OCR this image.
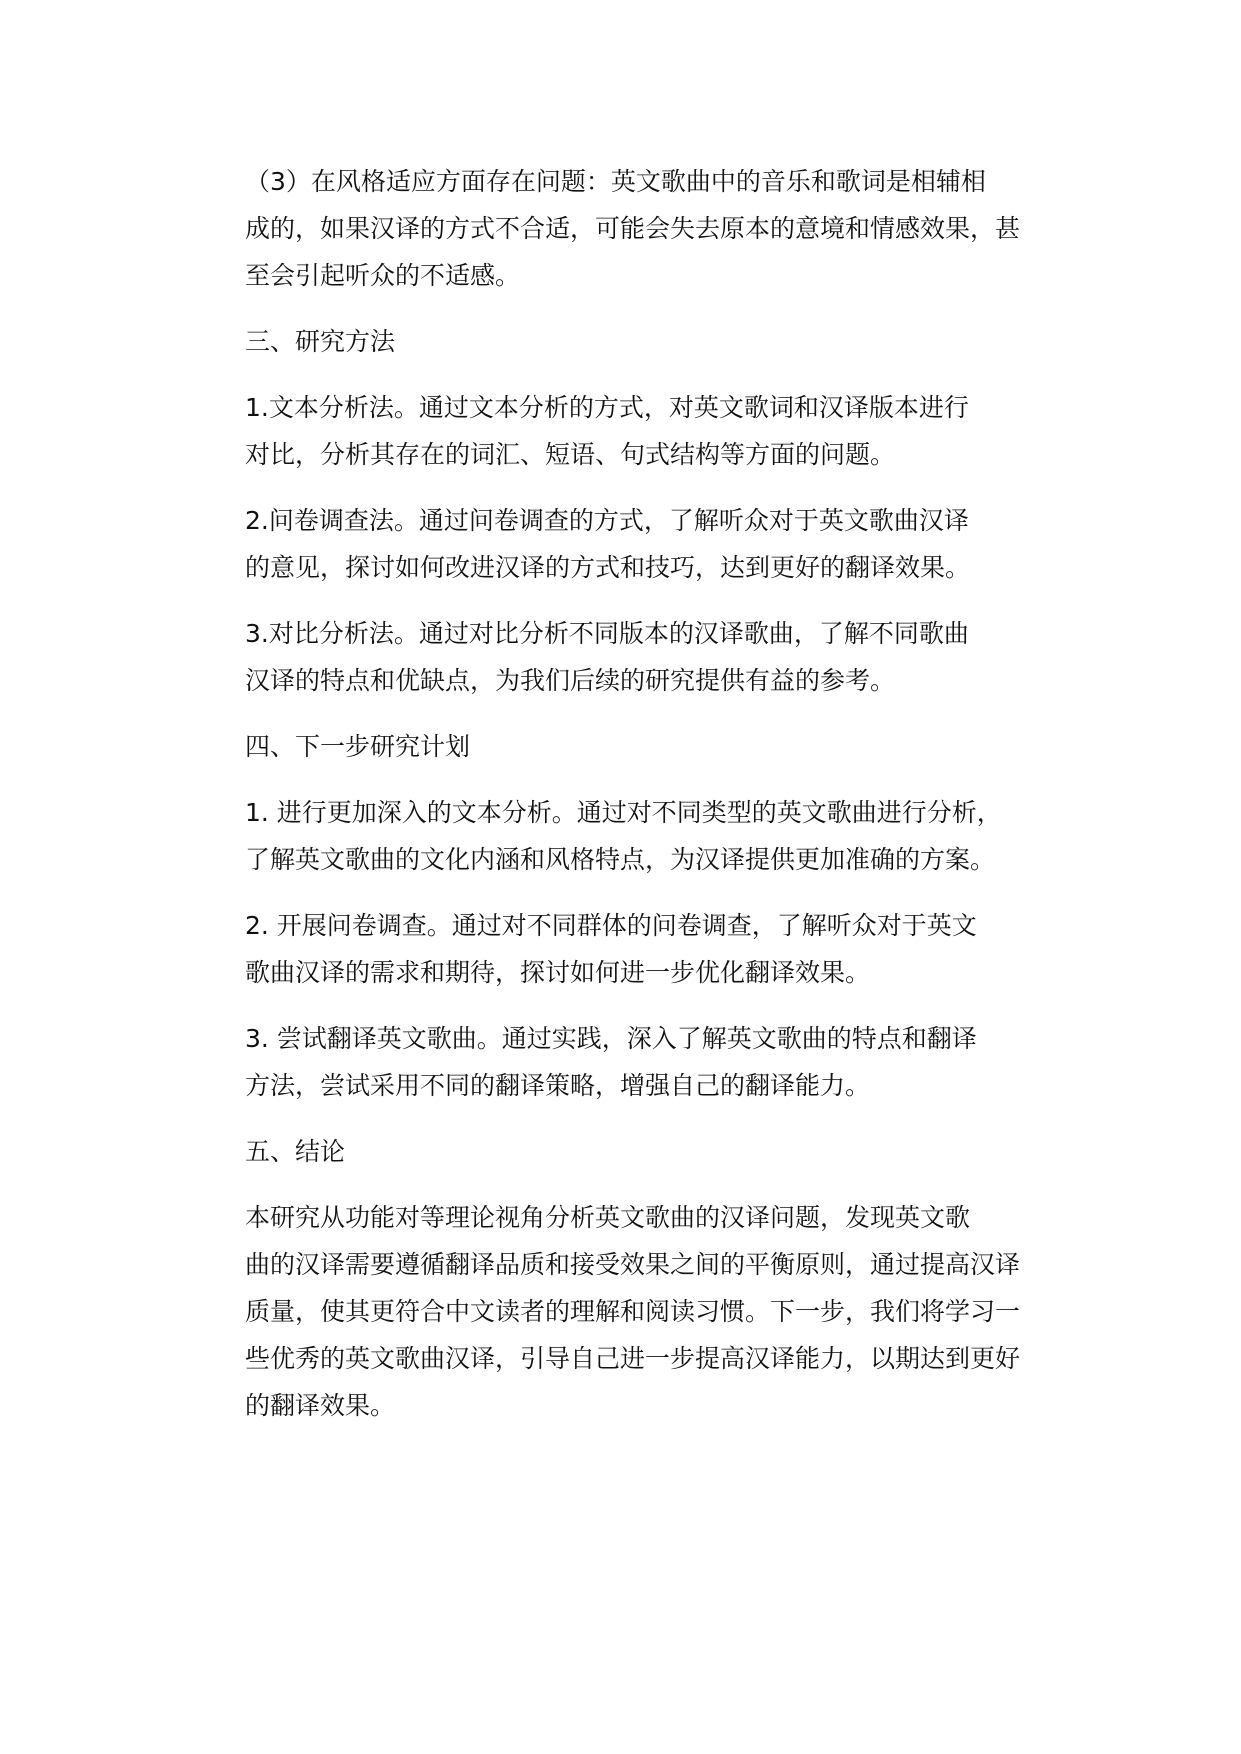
（3）在风格适应方面存在问题：英文歌曲中的音乐和歌词是相辅相
成的，如果汉译的方式不合适，可能会失去原本的意境和情感效果，甚
至会引起听众的不适感。

三、研究方法

1.文本分析法。通过文本分析的方式，对英文歌词和汉译版本进行
对比，分析其存在的词汇、短语、句式结构等方面的问题。

2.问卷调查法。通过问卷调查的方式，了解听众对于英文歌曲汉译
的意见，探讨如何改进汉译的方式和技巧，达到更好的翻译效果。

3.对比分析法。通过对比分析不同版本的汉译歌曲，了解不同歌曲
汉译的特点和优缺点，为我们后续的研究提供有益的参考。

四、下一步研究计划

1. 进行更加深入的文本分析。通过对不同类型的英文歌曲进行分析，
了解英文歌曲的文化内涵和风格特点，为汉译提供更加准确的方案。

2. 开展问卷调查。通过对不同群体的问卷调查，了解听众对于英文
歌曲汉译的需求和期待，探讨如何进一步优化翻译效果。

3. 尝试翻译英文歌曲。通过实践，深入了解英文歌曲的特点和翻译
方法，尝试采用不同的翻译策略，增强自己的翻译能力。

五、结论

本研究从功能对等理论视角分析英文歌曲的汉译问题，发现英文歌
曲的汉译需要遵循翻译品质和接受效果之间的平衡原则，通过提高汉译
质量，使其更符合中文读者的理解和阅读习惯。下一步，我们将学习一
些优秀的英文歌曲汉译，引导自己进一步提高汉译能力，以期达到更好
的翻译效果。
